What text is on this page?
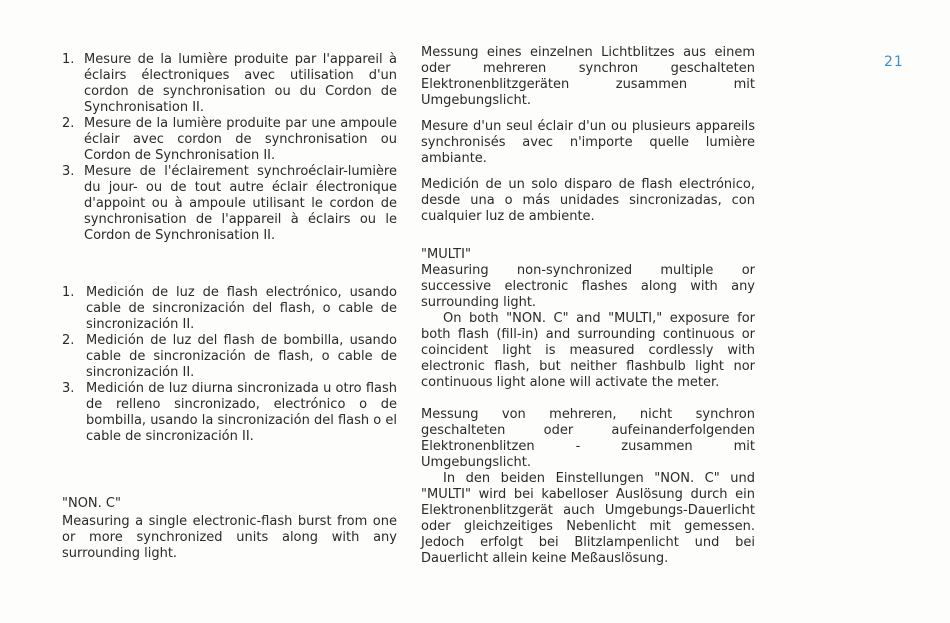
21
1. Mesure de la lumière produite par l'appareil à éclairs électroniques avec utilisation d'un cordon de synchronisation ou du Cordon de Synchronisation II.
2. Mesure de la lumière produite par une ampoule éclair avec cordon de synchronisation ou Cordon de Synchronisation II.
3. Mesure de l'éclairement synchroéclair-lumière du jour- ou de tout autre éclair électronique d'appoint ou à ampoule utilisant le cordon de synchronisation de l'appareil à éclairs ou le Cordon de Synchronisation II.
1. Medición de luz de flash electrónico, usando cable de sincronización del flash, o cable de sincronización II.
2. Medición de luz del flash de bombilla, usando cable de sincronización de flash, o cable de sincronización II.
3. Medición de luz diurna sincronizada u otro flash de relleno sincronizado, electrónico o de bombilla, usando la sincronización del flash o el cable de sincronización II.
"NON. C"

Measuring a single electronic-flash burst from one or more synchronized units along with any surrounding light.

Messung eines einzelnen Lichtblitzes aus einem oder mehreren synchron geschalteten Elektronenblitzgeräten zusammen mit Umgebungslicht.

Mesure d'un seul éclair d'un ou plusieurs appareils synchronisés avec n'importe quelle lumière ambiante.

Medición de un solo disparo de flash electrónico, desde una o más unidades sincronizadas, con cualquier luz de ambiente.

"MULTI"

Measuring non-synchronized multiple or successive electronic flashes along with any surrounding light.

On both "NON. C" and "MULTI," exposure for both flash (fill-in) and surrounding continuous or coincident light is measured cordlessly with electronic flash, but neither flashbulb light nor continuous light alone will activate the meter.

Messung von mehreren, nicht synchron geschalteten oder aufeinanderfolgenden Elektronenblitzen - zusammen mit Umgebungslicht.

In den beiden Einstellungen "NON. C" und "MULTI" wird bei kabelloser Auslösung durch ein Elektronenblitzgerät auch Umgebungs-Dauerlicht oder gleichzeitiges Nebenlicht mit gemessen. Jedoch erfolgt bei Blitzlampenlicht und bei Dauerlicht allein keine Meßauslösung.
